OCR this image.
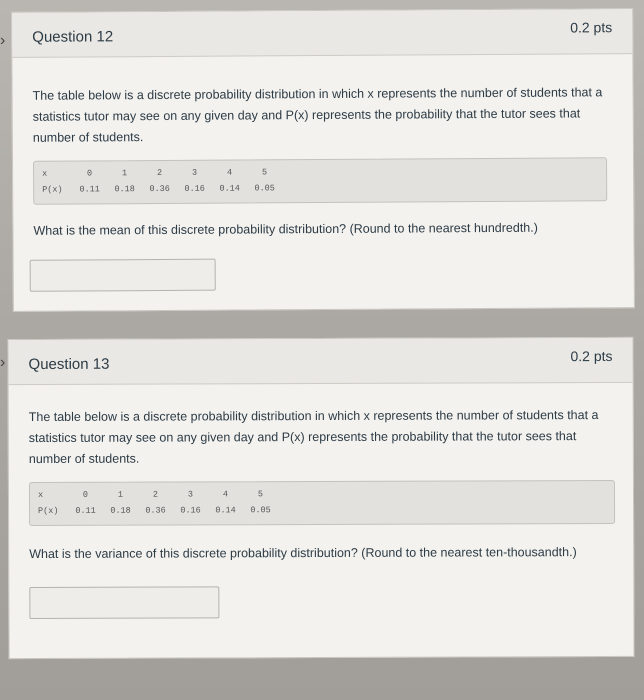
›	Question 12
0.2 pts

The table below is a discrete probability distribution in which x represents the number of students that a statistics tutor may see on any given day and P(x) represents the probability that the tutor sees that number of students.

x	0	1	2	3	4	5
P(x)	0.11	0.18	0.36	0.16	0.14	0.05

What is the mean of this discrete probability distribution? (Round to the nearest hundredth.)

›	Question 13	0.2 pts

The table below is a discrete probability distribution in which x represents the number of students that a statistics tutor may see on any given day and P(x) represents the probability that the tutor sees that number of students.

x	0	1	2	3	4	5
P(x)	0.11	0.18	0.36	0.16	0.14	0.05

What is the variance of this discrete probability distribution? (Round to the nearest ten-thousandth.)
